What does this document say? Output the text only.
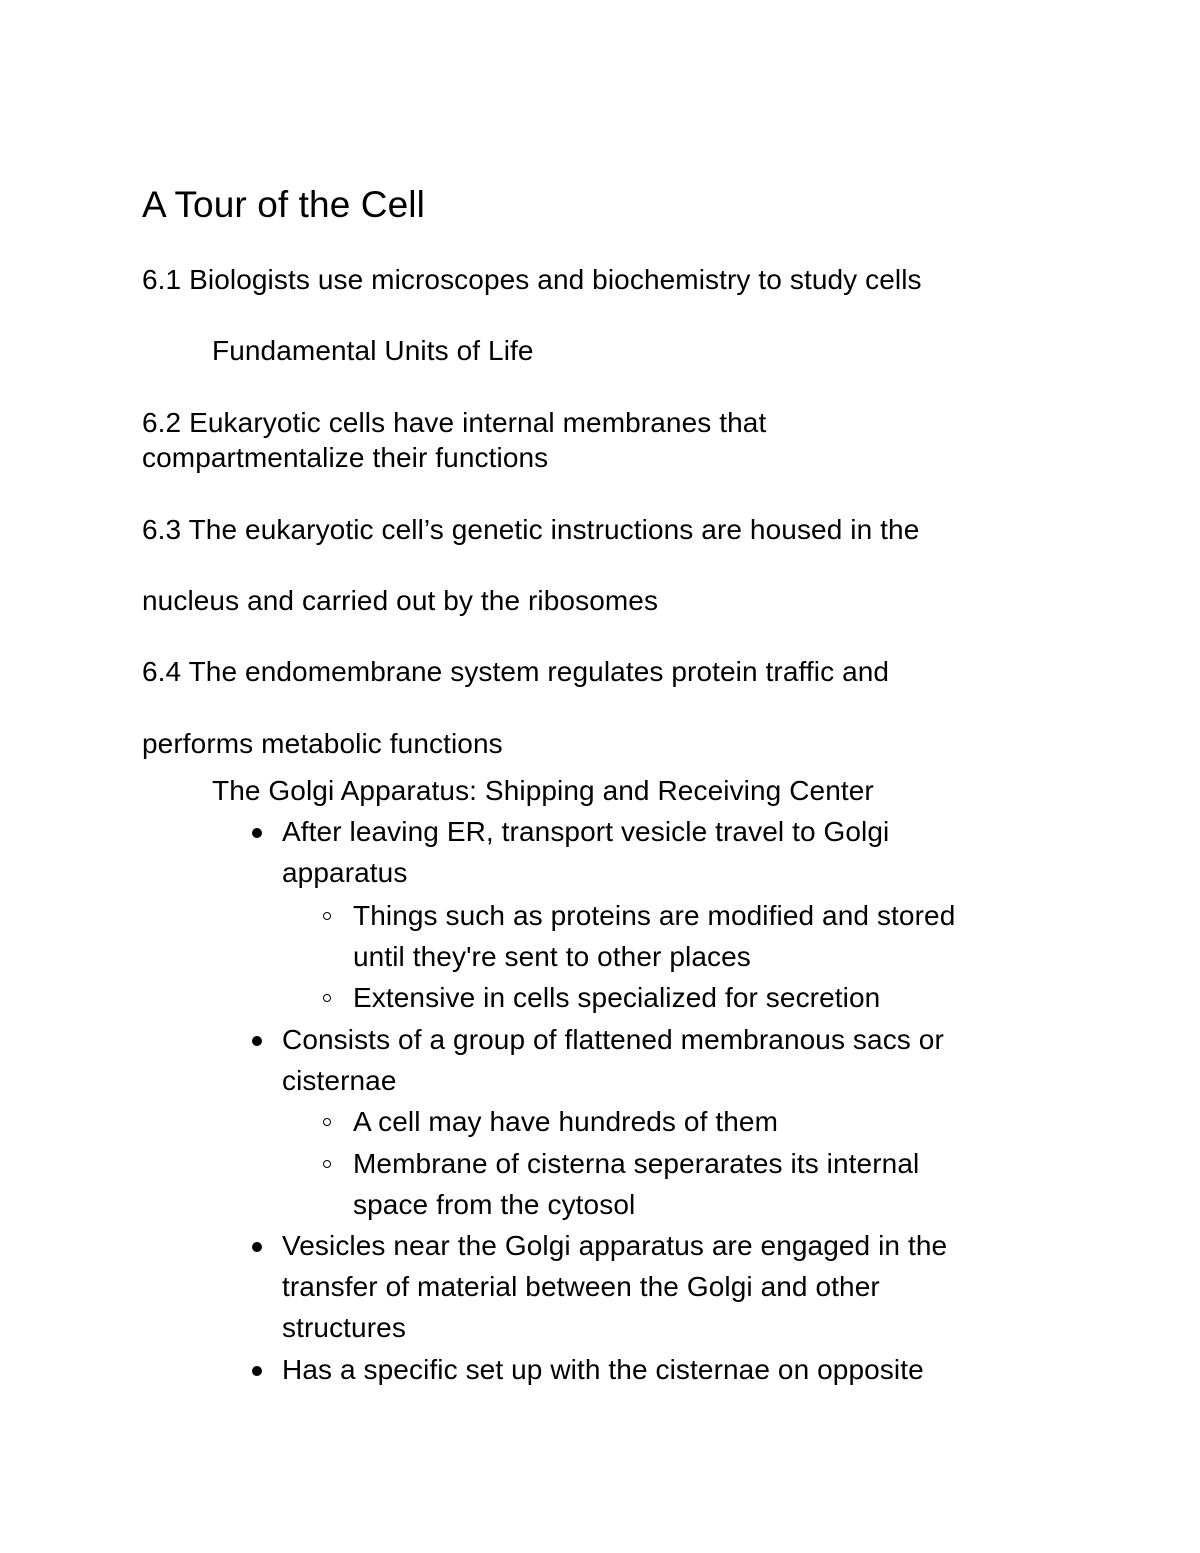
A Tour of the Cell
6.1 Biologists use microscopes and biochemistry to study cells
Fundamental Units of Life
6.2 Eukaryotic cells have internal membranes that
compartmentalize their functions
6.3 The eukaryotic cell’s genetic instructions are housed in the
nucleus and carried out by the ribosomes
6.4 The endomembrane system regulates protein traffic and
performs metabolic functions
The Golgi Apparatus: Shipping and Receiving Center
After leaving ER, transport vesicle travel to Golgi
apparatus
Things such as proteins are modified and stored
until they're sent to other places
Extensive in cells specialized for secretion
Consists of a group of flattened membranous sacs or
cisternae
A cell may have hundreds of them
Membrane of cisterna seperarates its internal
space from the cytosol
Vesicles near the Golgi apparatus are engaged in the
transfer of material between the Golgi and other
structures
Has a specific set up with the cisternae on opposite
